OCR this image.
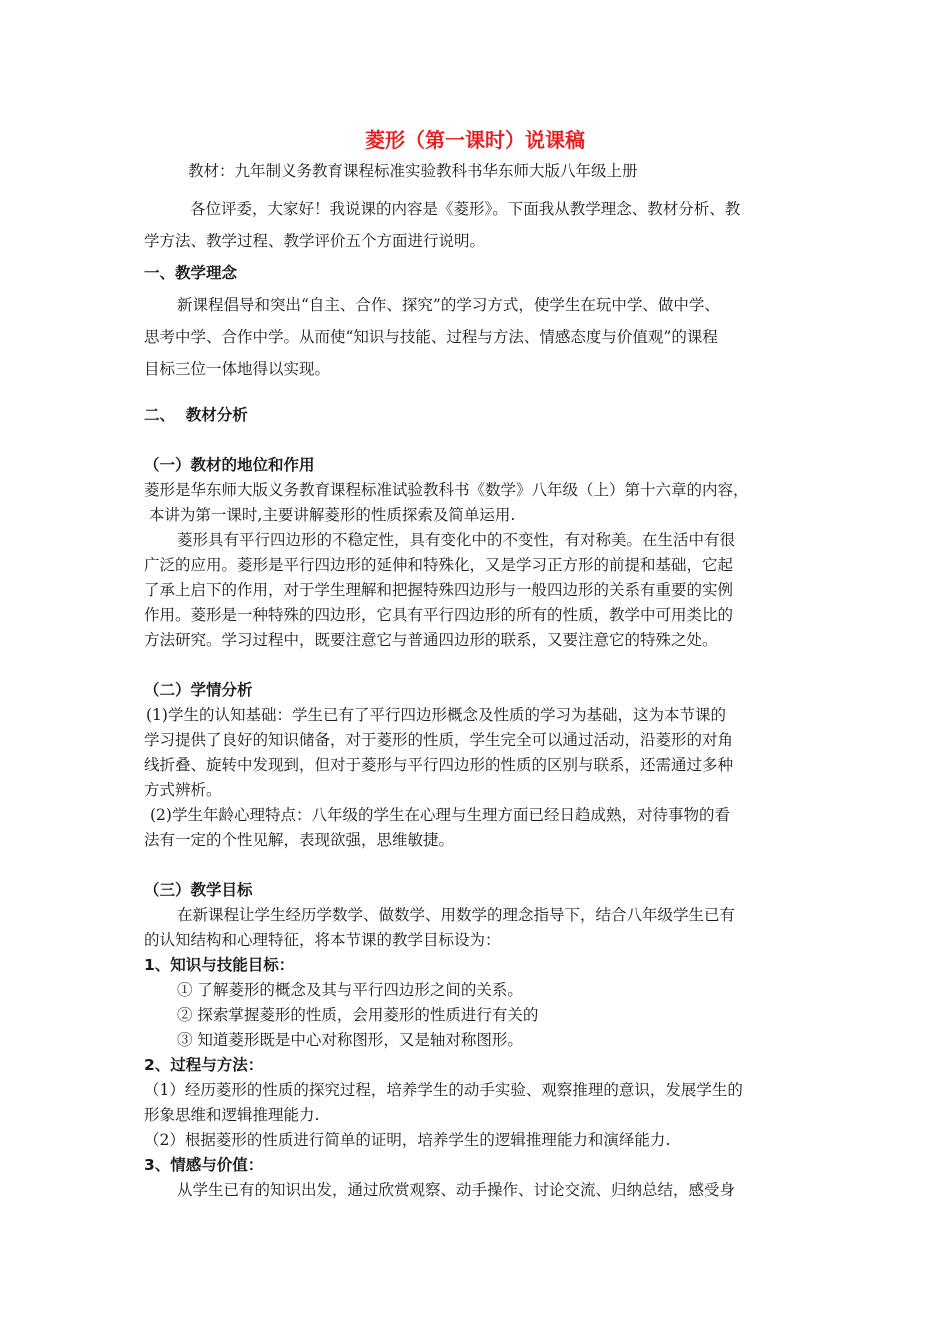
菱形（第一课时）说课稿
教材：九年制义务教育课程标准实验教科书华东师大版八年级上册
各位评委，大家好！我说课的内容是《菱形》。下面我从教学理念、教材分析、教
学方法、教学过程、教学评价五个方面进行说明。
一、教学理念
新课程倡导和突出“自主、合作、探究”的学习方式，使学生在玩中学、做中学、
思考中学、合作中学。从而使“知识与技能、过程与方法、情感态度与价值观”的课程
目标三位一体地得以实现。
二、  教材分析
（一）教材的地位和作用
菱形是华东师大版义务教育课程标准试验教科书《数学》八年级（上）第十六章的内容，
本讲为第一课时,主要讲解菱形的性质探索及简单运用.
菱形具有平行四边形的不稳定性，具有变化中的不变性，有对称美。在生活中有很
广泛的应用。菱形是平行四边形的延伸和特殊化，又是学习正方形的前提和基础，它起
了承上启下的作用，对于学生理解和把握特殊四边形与一般四边形的关系有重要的实例
作用。菱形是一种特殊的四边形，它具有平行四边形的所有的性质，教学中可用类比的
方法研究。学习过程中，既要注意它与普通四边形的联系，又要注意它的特殊之处。
（二）学情分析
(1)学生的认知基础：学生已有了平行四边形概念及性质的学习为基础，这为本节课的
学习提供了良好的知识储备，对于菱形的性质，学生完全可以通过活动，沿菱形的对角
线折叠、旋转中发现到，但对于菱形与平行四边形的性质的区别与联系，还需通过多种
方式辨析。
(2)学生年龄心理特点：八年级的学生在心理与生理方面已经日趋成熟，对待事物的看
法有一定的个性见解，表现欲强，思维敏捷。
（三）教学目标
在新课程让学生经历学数学、做数学、用数学的理念指导下，结合八年级学生已有
的认知结构和心理特征，将本节课的教学目标设为：
1、知识与技能目标：
① 了解菱形的概念及其与平行四边形之间的关系。
② 探索掌握菱形的性质，会用菱形的性质进行有关的
③ 知道菱形既是中心对称图形，又是轴对称图形。
2、过程与方法：
（1）经历菱形的性质的探究过程，培养学生的动手实验、观察推理的意识，发展学生的
形象思维和逻辑推理能力.
（2）根据菱形的性质进行简单的证明，培养学生的逻辑推理能力和演绎能力.
3、情感与价值：
从学生已有的知识出发，通过欣赏观察、动手操作、讨论交流、归纳总结，感受身
